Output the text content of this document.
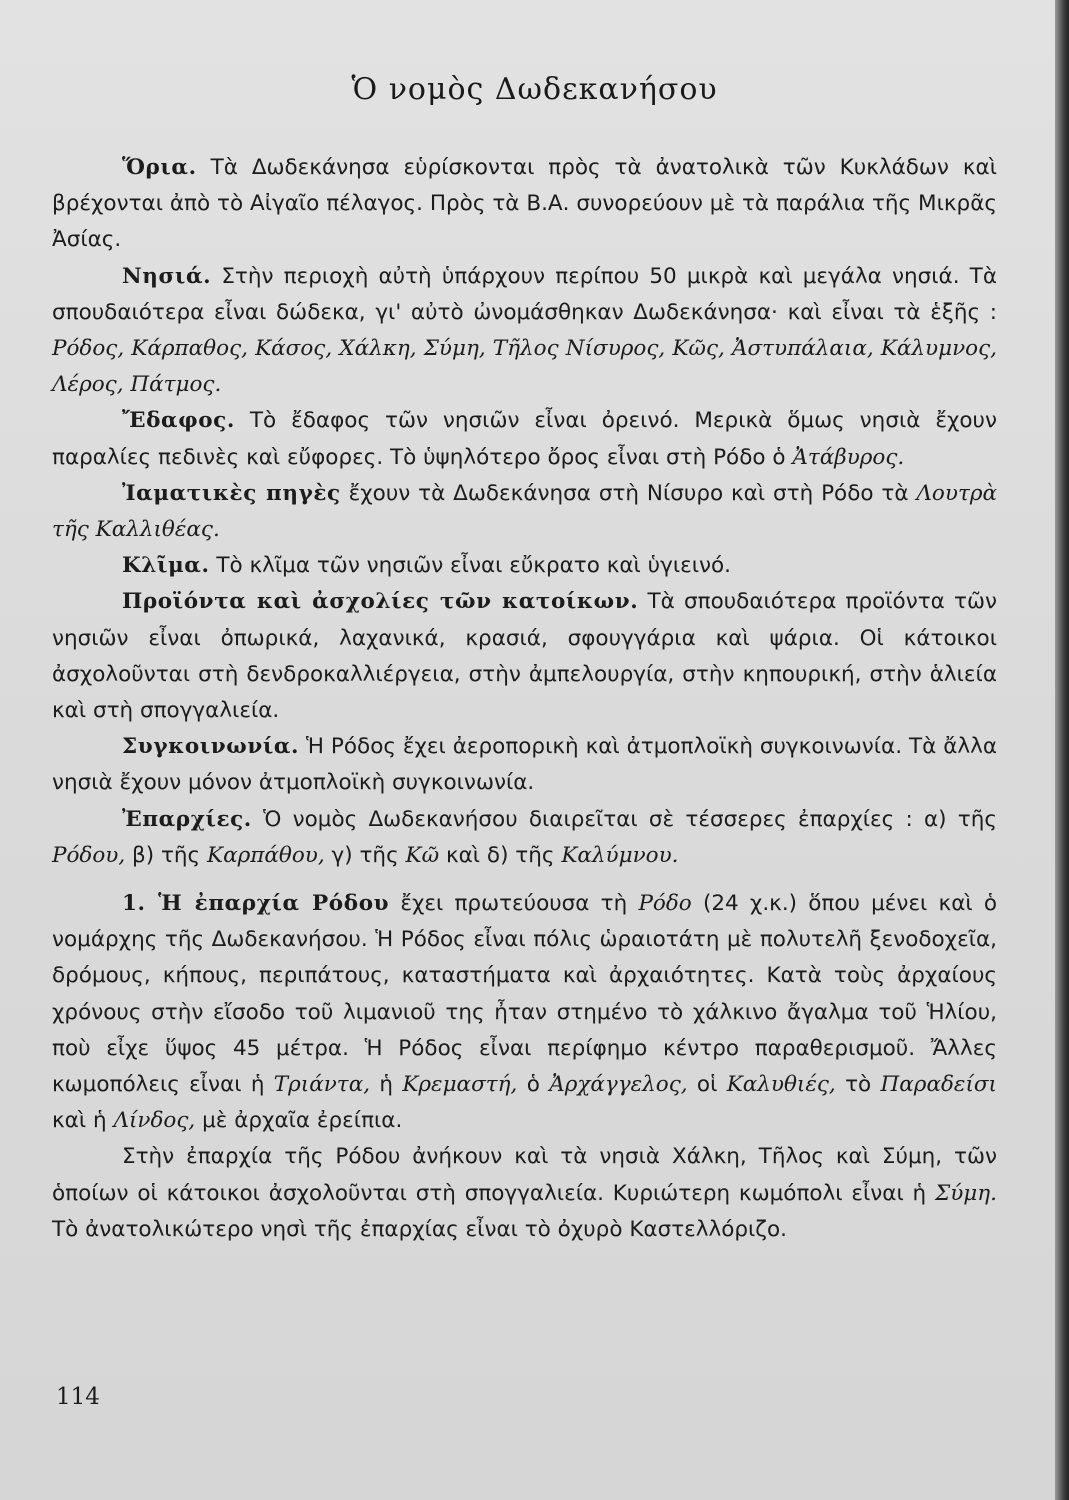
Ὁ νομὸς Δωδεκανήσου

Ὅρια. Τὰ Δωδεκάνησα εὑρίσκονται πρὸς τὰ ἀνατολικὰ τῶν Κυκλάδων καὶ βρέχονται ἀπὸ τὸ Αἰγαῖο πέλαγος. Πρὸς τὰ Β.Α. συνορεύουν μὲ τὰ παράλια τῆς Μικρᾶς Ἀσίας.

Νησιά. Στὴν περιοχὴ αὐτὴ ὑπάρχουν περίπου 50 μικρὰ καὶ μεγάλα νησιά. Τὰ σπουδαιότερα εἶναι δώδεκα, γι' αὐτὸ ὠνομάσθηκαν Δωδεκάνησα· καὶ εἶναι τὰ ἑξῆς : Ρόδος, Κάρπαθος, Κάσος, Χάλκη, Σύμη, Τῆλος Νίσυρος, Κῶς, Ἀστυπάλαια, Κάλυμνος, Λέρος, Πάτμος.

Ἔδαφος. Τὸ ἔδαφος τῶν νησιῶν εἶναι ὀρεινό. Μερικὰ ὅμως νησιὰ ἔχουν παραλίες πεδινὲς καὶ εὔφορες. Τὸ ὑψηλότερο ὄρος εἶναι στὴ Ρόδο ὁ Ἀτάβυρος.

Ἰαματικὲς πηγὲς ἔχουν τὰ Δωδεκάνησα στὴ Νίσυρο καὶ στὴ Ρόδο τὰ Λουτρὰ τῆς Καλλιθέας.

Κλῖμα. Τὸ κλῖμα τῶν νησιῶν εἶναι εὔκρατο καὶ ὑγιεινό.

Προϊόντα καὶ ἀσχολίες τῶν κατοίκων. Τὰ σπουδαιότερα προϊόντα τῶν νησιῶν εἶναι ὀπωρικά, λαχανικά, κρασιά, σφουγγάρια καὶ ψάρια. Οἱ κάτοικοι ἀσχολοῦνται στὴ δενδροκαλλιέργεια, στὴν ἀμπελουργία, στὴν κηπουρική, στὴν ἁλιεία καὶ στὴ σπογγαλιεία.

Συγκοινωνία. Ἡ Ρόδος ἔχει ἀεροπορικὴ καὶ ἀτμοπλοϊκὴ συγκοινωνία. Τὰ ἄλλα νησιὰ ἔχουν μόνον ἀτμοπλοϊκὴ συγκοινωνία.

Ἐπαρχίες. Ὁ νομὸς Δωδεκανήσου διαιρεῖται σὲ τέσσερες ἐπαρχίες : α) τῆς Ρόδου, β) τῆς Καρπάθου, γ) τῆς Κῶ καὶ δ) τῆς Καλύμνου.

1. Ἡ ἐπαρχία Ρόδου ἔχει πρωτεύουσα τὴ Ρόδο (24 χ.κ.) ὅπου μένει καὶ ὁ νομάρχης τῆς Δωδεκανήσου. Ἡ Ρόδος εἶναι πόλις ὡραιοτάτη μὲ πολυτελῆ ξενοδοχεῖα, δρόμους, κήπους, περιπάτους, καταστήματα καὶ ἀρχαιότητες. Κατὰ τοὺς ἀρχαίους χρόνους στὴν εἴσοδο τοῦ λιμανιοῦ της ἦταν στημένο τὸ χάλκινο ἄγαλμα τοῦ Ἡλίου, ποὺ εἶχε ὕψος 45 μέτρα. Ἡ Ρόδος εἶναι περίφημο κέντρο παραθερισμοῦ. Ἄλλες κωμοπόλεις εἶναι ἡ Τριάντα, ἡ Κρεμαστή, ὁ Ἀρχάγγελος, οἱ Καλυθιές, τὸ Παραδείσι καὶ ἡ Λίνδος, μὲ ἀρχαῖα ἐρείπια.

Στὴν ἐπαρχία τῆς Ρόδου ἀνήκουν καὶ τὰ νησιὰ Χάλκη, Τῆλος καὶ Σύμη, τῶν ὁποίων οἱ κάτοικοι ἀσχολοῦνται στὴ σπογγαλιεία. Κυριώτερη κωμόπολι εἶναι ἡ Σύμη. Τὸ ἀνατολικώτερο νησὶ τῆς ἐπαρχίας εἶναι τὸ ὀχυρὸ Καστελλόριζο.

114
